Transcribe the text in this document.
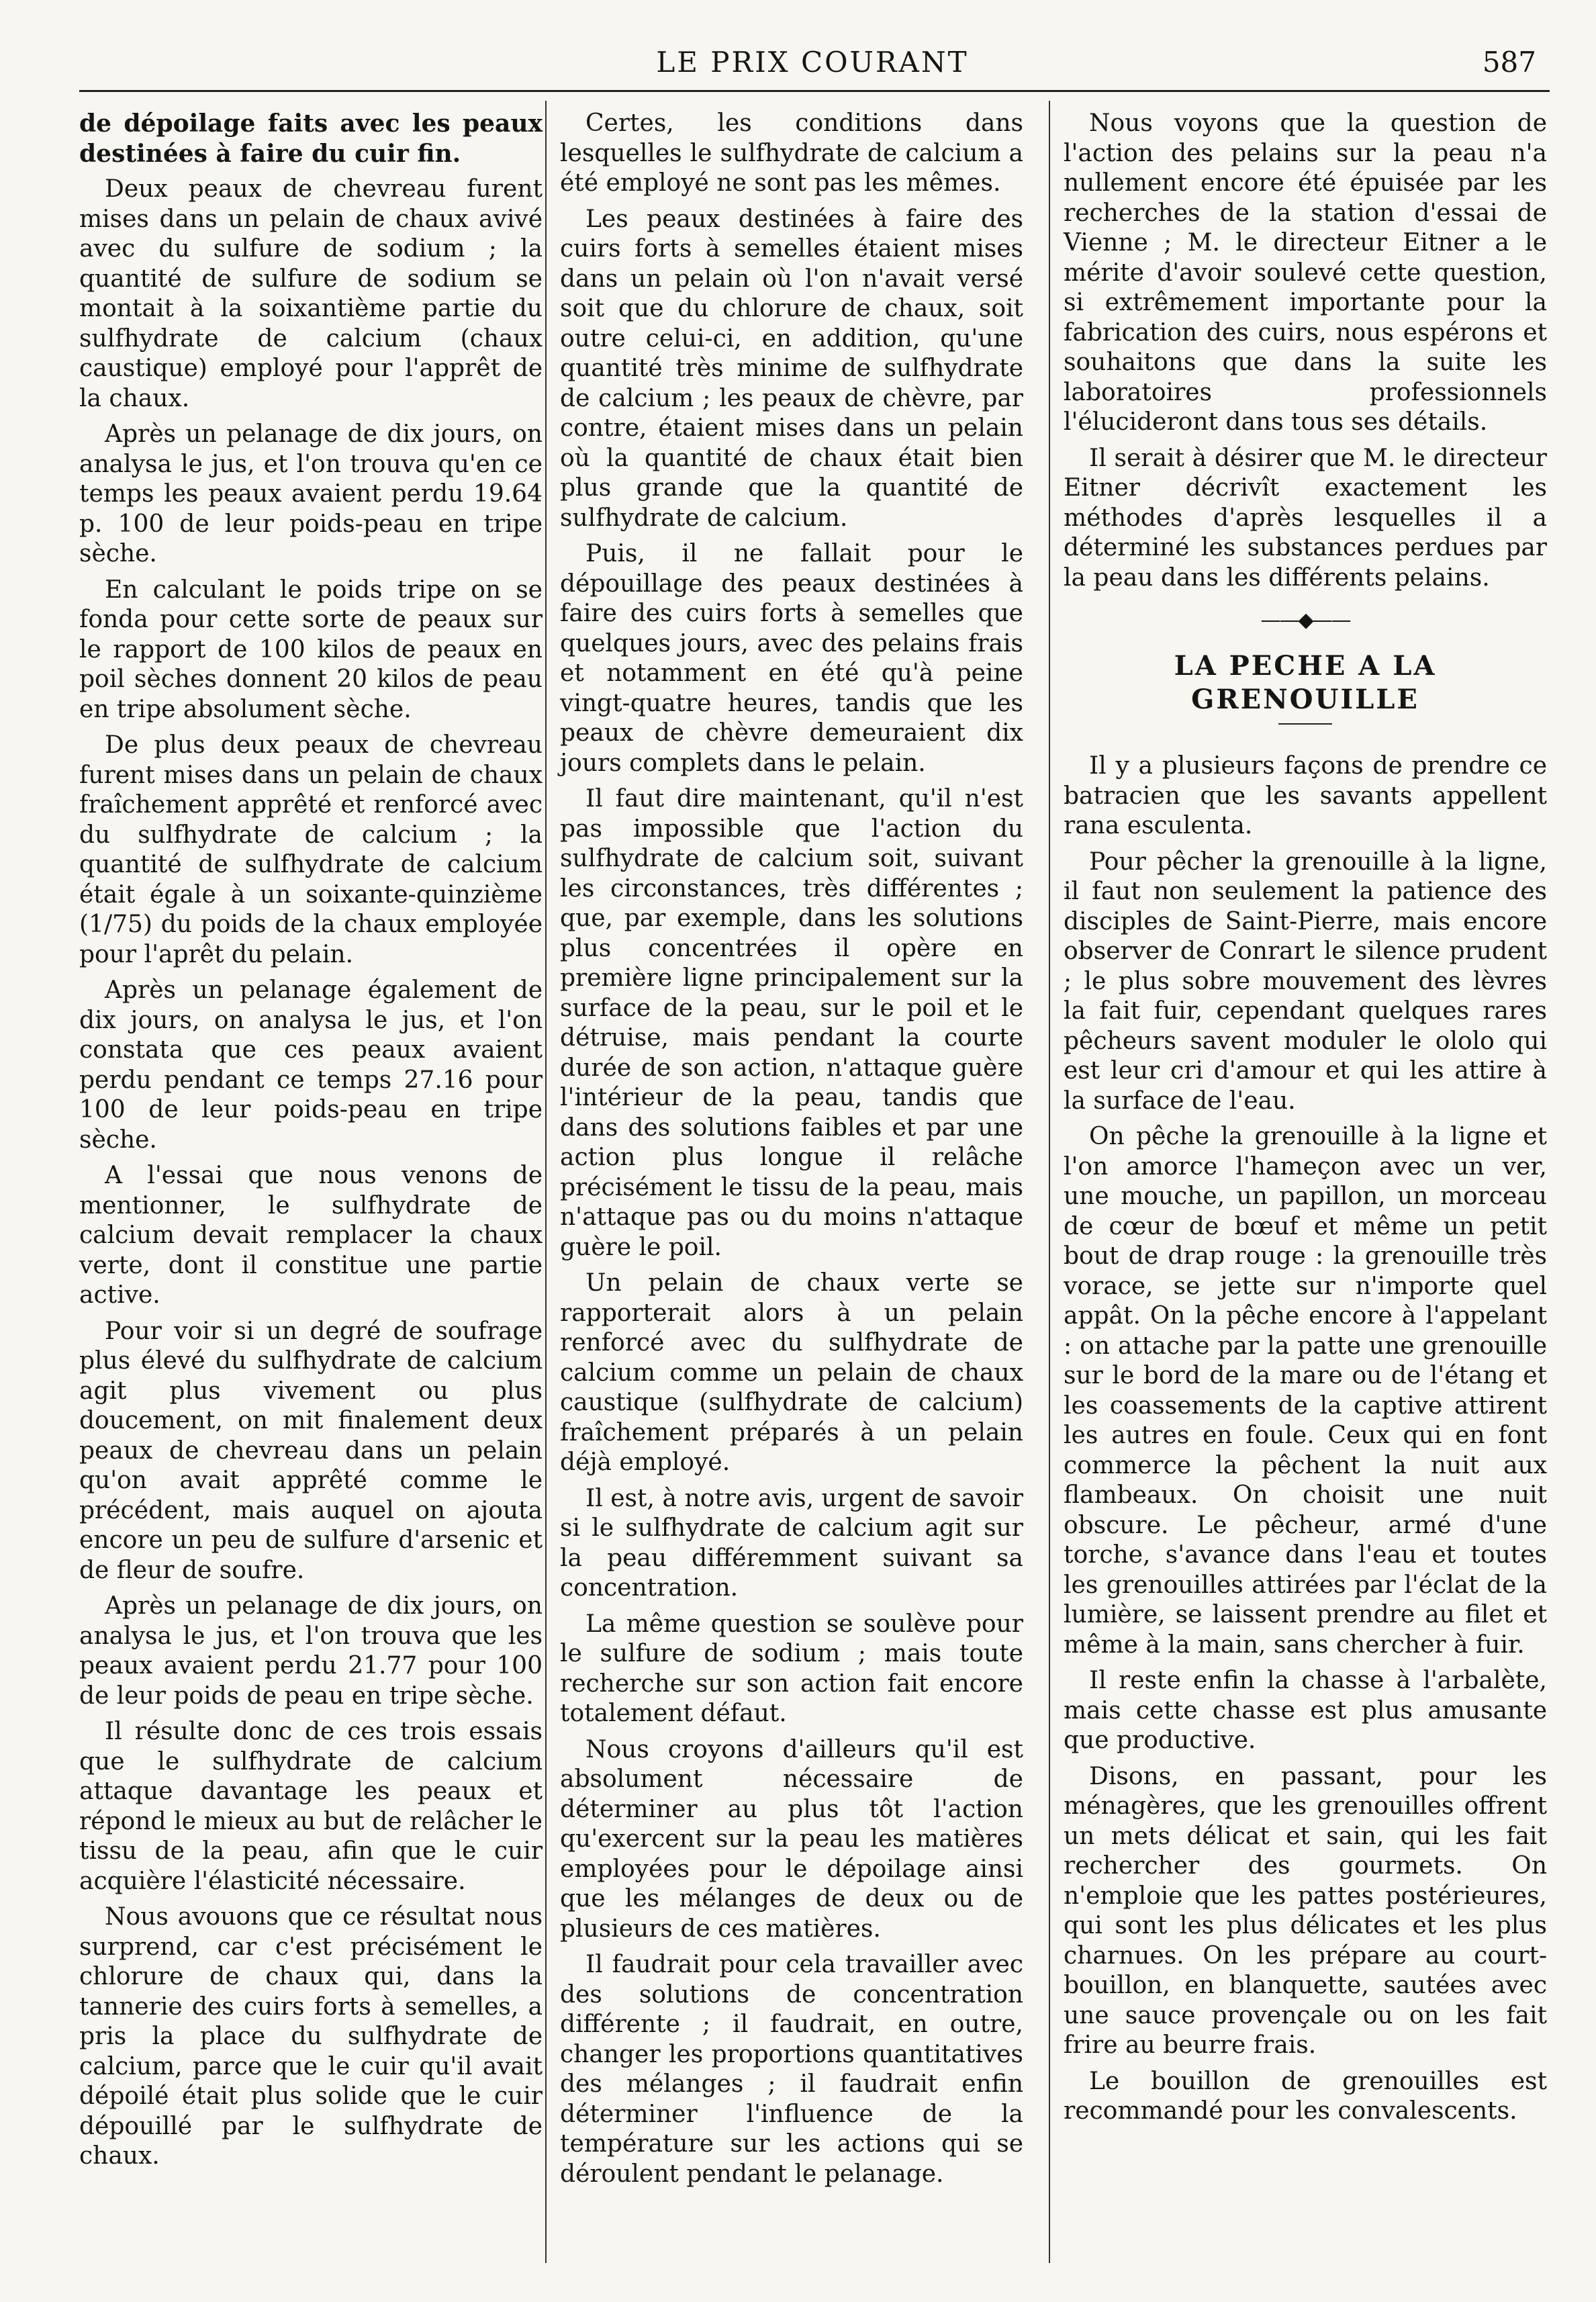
LE PRIX COURANT	587

de dépoilage faits avec les peaux destinées à faire du cuir fin.

Deux peaux de chevreau furent mises dans un pelain de chaux avivé avec du sulfure de sodium ; la quantité de sulfure de sodium se montait à la soixantième partie du sulfhydrate de calcium (chaux caustique) employé pour l'apprêt de la chaux.

Après un pelanage de dix jours, on analysa le jus, et l'on trouva qu'en ce temps les peaux avaient perdu 19.64 p. 100 de leur poids-peau en tripe sèche.

En calculant le poids tripe on se fonda pour cette sorte de peaux sur le rapport de 100 kilos de peaux en poil sèches donnent 20 kilos de peau en tripe absolument sèche.

De plus deux peaux de chevreau furent mises dans un pelain de chaux fraîchement apprêté et renforcé avec du sulfhydrate de calcium ; la quantité de sulfhydrate de calcium était égale à un soixante-quinzième (1/75) du poids de la chaux employée pour l'aprêt du pelain.

Après un pelanage également de dix jours, on analysa le jus, et l'on constata que ces peaux avaient perdu pendant ce temps 27.16 pour 100 de leur poids-peau en tripe sèche.

A l'essai que nous venons de mentionner, le sulfhydrate de calcium devait remplacer la chaux verte, dont il constitue une partie active.

Pour voir si un degré de soufrage plus élevé du sulfhydrate de calcium agit plus vivement ou plus doucement, on mit finalement deux peaux de chevreau dans un pelain qu'on avait apprêté comme le précédent, mais auquel on ajouta encore un peu de sulfure d'arsenic et de fleur de soufre.

Après un pelanage de dix jours, on analysa le jus, et l'on trouva que les peaux avaient perdu 21.77 pour 100 de leur poids de peau en tripe sèche.

Il résulte donc de ces trois essais que le sulfhydrate de calcium attaque davantage les peaux et répond le mieux au but de relâcher le tissu de la peau, afin que le cuir acquière l'élasticité nécessaire.

Nous avouons que ce résultat nous surprend, car c'est précisément le chlorure de chaux qui, dans la tannerie des cuirs forts à semelles, a pris la place du sulfhydrate de calcium, parce que le cuir qu'il avait dépoilé était plus solide que le cuir dépouillé par le sulfhydrate de chaux.

Certes, les conditions dans lesquelles le sulfhydrate de calcium a été employé ne sont pas les mêmes.

Les peaux destinées à faire des cuirs forts à semelles étaient mises dans un pelain où l'on n'avait versé soit que du chlorure de chaux, soit outre celui-ci, en addition, qu'une quantité très minime de sulfhydrate de calcium ; les peaux de chèvre, par contre, étaient mises dans un pelain où la quantité de chaux était bien plus grande que la quantité de sulfhydrate de calcium.

Puis, il ne fallait pour le dépouillage des peaux destinées à faire des cuirs forts à semelles que quelques jours, avec des pelains frais et notamment en été qu'à peine vingt-quatre heures, tandis que les peaux de chèvre demeuraient dix jours complets dans le pelain.

Il faut dire maintenant, qu'il n'est pas impossible que l'action du sulfhydrate de calcium soit, suivant les circonstances, très différentes ; que, par exemple, dans les solutions plus concentrées il opère en première ligne principalement sur la surface de la peau, sur le poil et le détruise, mais pendant la courte durée de son action, n'attaque guère l'intérieur de la peau, tandis que dans des solutions faibles et par une action plus longue il relâche précisément le tissu de la peau, mais n'attaque pas ou du moins n'attaque guère le poil.

Un pelain de chaux verte se rapporterait alors à un pelain renforcé avec du sulfhydrate de calcium comme un pelain de chaux caustique (sulfhydrate de calcium) fraîchement préparés à un pelain déjà employé.

Il est, à notre avis, urgent de savoir si le sulfhydrate de calcium agit sur la peau différemment suivant sa concentration.

La même question se soulève pour le sulfure de sodium ; mais toute recherche sur son action fait encore totalement défaut.

Nous croyons d'ailleurs qu'il est absolument nécessaire de déterminer au plus tôt l'action qu'exercent sur la peau les matières employées pour le dépoilage ainsi que les mélanges de deux ou de plusieurs de ces matières.

Il faudrait pour cela travailler avec des solutions de concentration différente ; il faudrait, en outre, changer les proportions quantitatives des mélanges ; il faudrait enfin déterminer l'influence de la température sur les actions qui se déroulent pendant le pelanage.

Nous voyons que la question de l'action des pelains sur la peau n'a nullement encore été épuisée par les recherches de la station d'essai de Vienne ; M. le directeur Eitner a le mérite d'avoir soulevé cette question, si extrêmement importante pour la fabrication des cuirs, nous espérons et souhaitons que dans la suite les laboratoires professionnels l'élucideront dans tous ses détails.

Il serait à désirer que M. le directeur Eitner décrivît exactement les méthodes d'après lesquelles il a déterminé les substances perdues par la peau dans les différents pelains.

——◆——
LA PECHE A LA GRENOUILLE

Il y a plusieurs façons de prendre ce batracien que les savants appellent rana esculenta.

Pour pêcher la grenouille à la ligne, il faut non seulement la patience des disciples de Saint-Pierre, mais encore observer de Conrart le silence prudent ; le plus sobre mouvement des lèvres la fait fuir, cependant quelques rares pêcheurs savent moduler le ololo qui est leur cri d'amour et qui les attire à la surface de l'eau.

On pêche la grenouille à la ligne et l'on amorce l'hameçon avec un ver, une mouche, un papillon, un morceau de cœur de bœuf et même un petit bout de drap rouge : la grenouille très vorace, se jette sur n'importe quel appât. On la pêche encore à l'appelant : on attache par la patte une grenouille sur le bord de la mare ou de l'étang et les coassements de la captive attirent les autres en foule. Ceux qui en font commerce la pêchent la nuit aux flambeaux. On choisit une nuit obscure. Le pêcheur, armé d'une torche, s'avance dans l'eau et toutes les grenouilles attirées par l'éclat de la lumière, se laissent prendre au filet et même à la main, sans chercher à fuir.

Il reste enfin la chasse à l'arbalète, mais cette chasse est plus amusante que productive.

Disons, en passant, pour les ménagères, que les grenouilles offrent un mets délicat et sain, qui les fait rechercher des gourmets. On n'emploie que les pattes postérieures, qui sont les plus délicates et les plus charnues. On les prépare au court-bouillon, en blanquette, sautées avec une sauce provençale ou on les fait frire au beurre frais.

Le bouillon de grenouilles est recommandé pour les convalescents.
